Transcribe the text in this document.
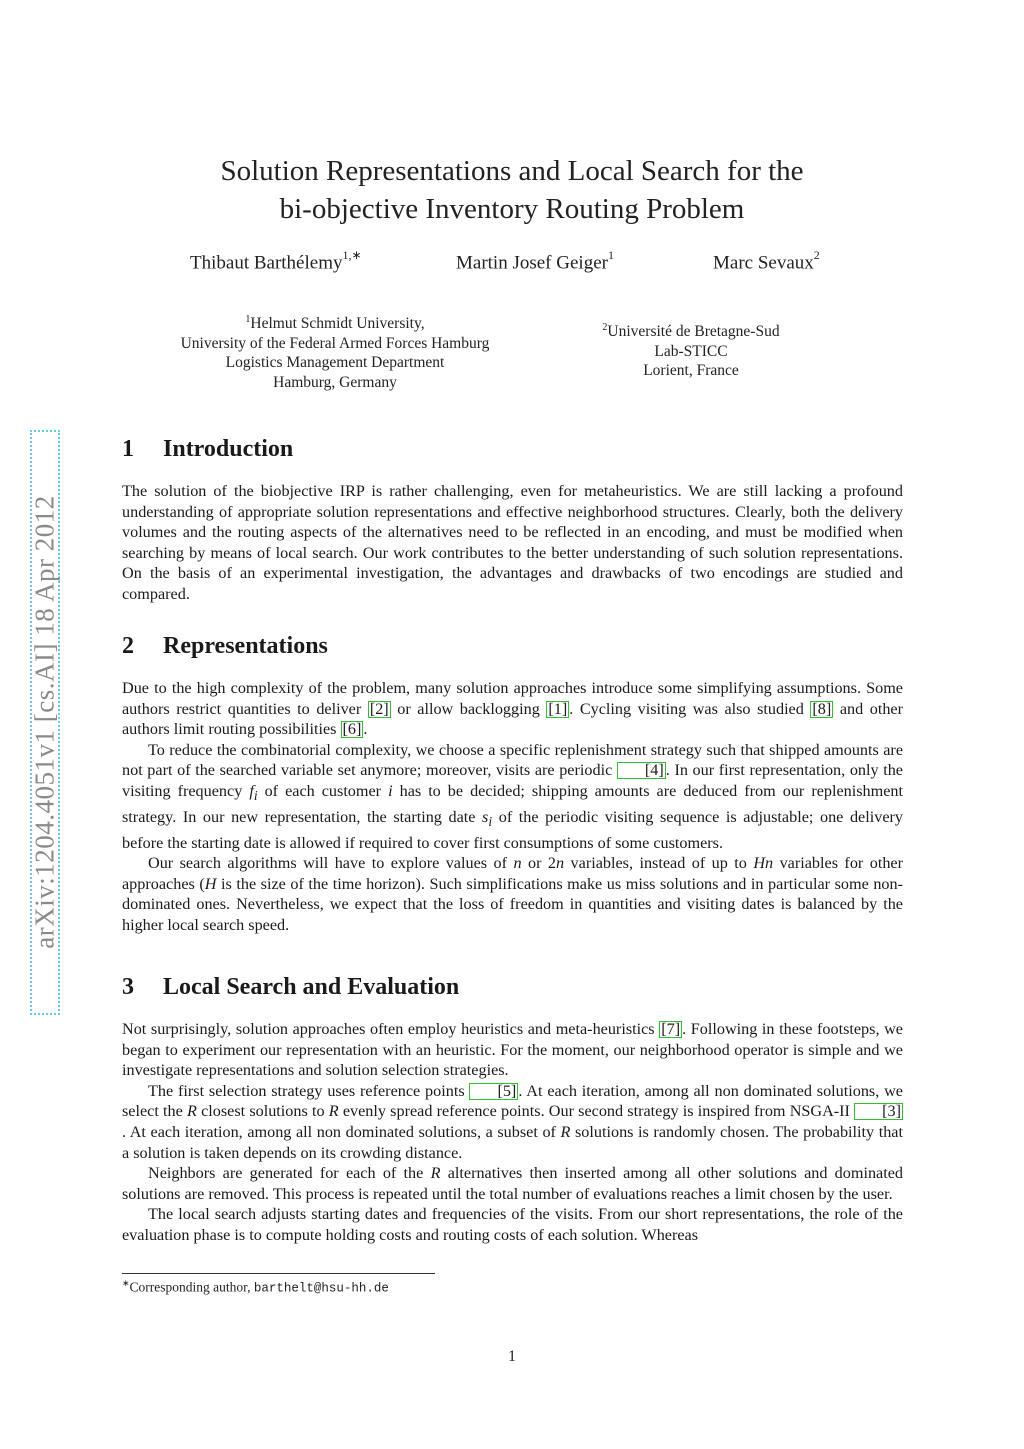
arXiv:1204.4051v1 [cs.AI] 18 Apr 2012
Solution Representations and Local Search for the
bi-objective Inventory Routing Problem
Thibaut Barthélemy$^{1,∗}$	Martin Josef Geiger$^1$	Marc Sevaux$^2$
$^1$Helmut Schmidt University,
University of the Federal Armed Forces Hamburg
Logistics Management Department
Hamburg, Germany
$^2$Université de Bretagne-Sud
Lab-STICC
Lorient, France
1 Introduction

The solution of the biobjective IRP is rather challenging, even for metaheuristics. We are still lacking a profound understanding of appropriate solution representations and effective neighborhood structures. Clearly, both the delivery volumes and the routing aspects of the alternatives need to be reflected in an encoding, and must be modified when searching by means of local search. Our work contributes to the better understanding of such solution representations. On the basis of an experimental investigation, the advantages and drawbacks of two encodings are studied and compared.

2 Representations

Due to the high complexity of the problem, many solution approaches introduce some simplifying assumptions. Some authors restrict quantities to deliver [2] or allow backlogging [1] . Cycling visiting was also studied [8] and other authors limit routing possibilities [6] .

To reduce the combinatorial complexity, we choose a specific replenishment strategy such that shipped amounts are not part of the searched variable set anymore; moreover, visits are periodic [4] . In our first representation, only the visiting frequency $f_i$ of each customer i has to be decided; shipping amounts are deduced from our replenishment strategy. In our new representation, the starting date $s_i$ of the periodic visiting sequence is adjustable; one delivery before the starting date is allowed if required to cover first consumptions of some customers.

Our search algorithms will have to explore values of n or 2n variables, instead of up to Hn variables for other approaches (H is the size of the time horizon). Such simplifications make us miss solutions and in particular some non-dominated ones. Nevertheless, we expect that the loss of freedom in quantities and visiting dates is balanced by the higher local search speed.

3 Local Search and Evaluation

Not surprisingly, solution approaches often employ heuristics and meta-heuristics [7] . Following in these footsteps, we began to experiment our representation with an heuristic. For the moment, our neighborhood operator is simple and we investigate representations and solution selection strategies.

The first selection strategy uses reference points [5] . At each iteration, among all non dominated solutions, we select the R closest solutions to R evenly spread reference points. Our second strategy is inspired from NSGA-II [3]. At each iteration, among all non dominated solutions, a subset of R solutions is randomly chosen. The probability that a solution is taken depends on its crowding distance.

Neighbors are generated for each of the R alternatives then inserted among all other solutions and dominated solutions are removed. This process is repeated until the total number of evaluations reaches a limit chosen by the user.

The local search adjusts starting dates and frequencies of the visits. From our short representations, the role of the evaluation phase is to compute holding costs and routing costs of each solution. Whereas

∗Corresponding author, barthelt@hsu-hh.de
1
